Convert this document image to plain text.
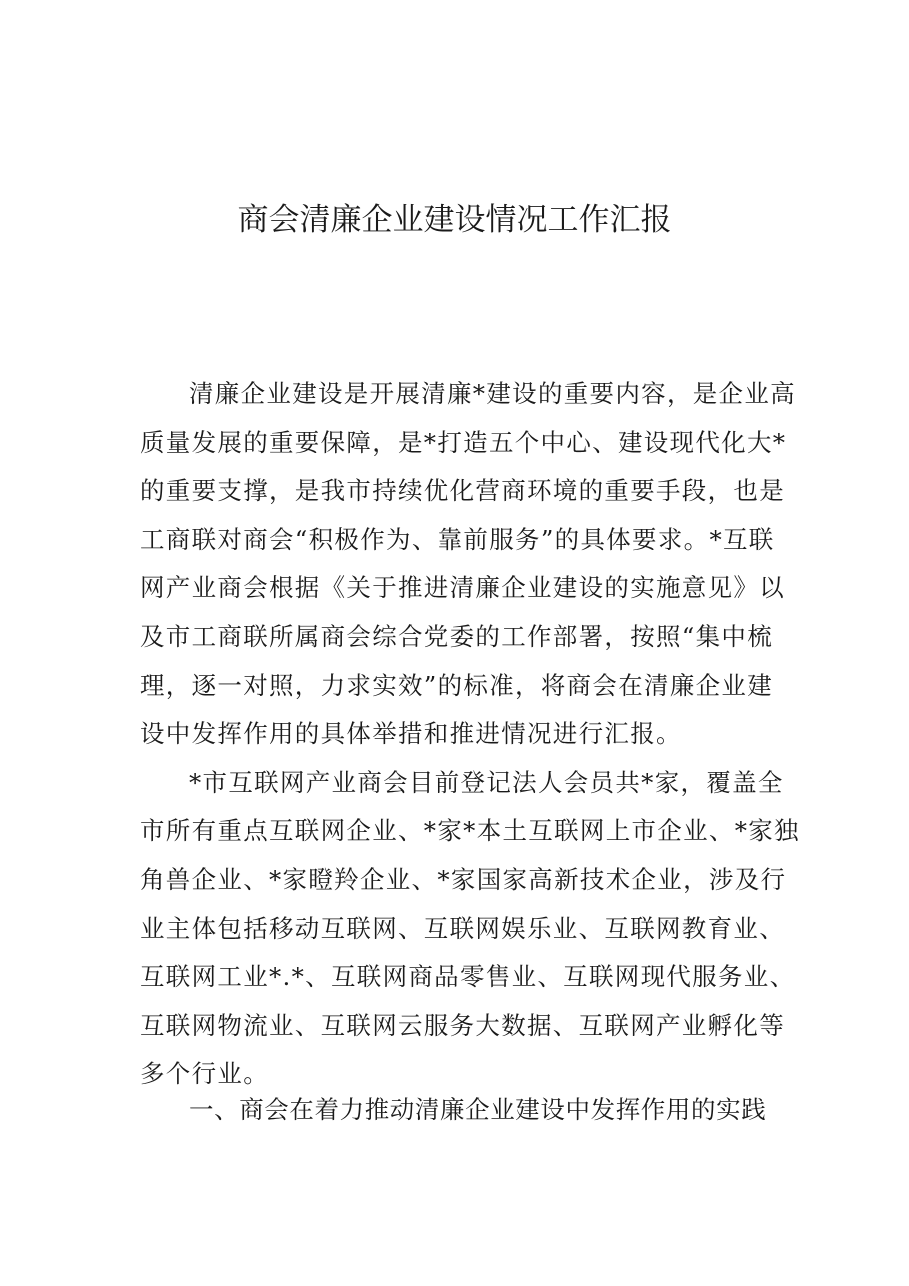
商会清廉企业建设情况工作汇报
清廉企业建设是开展清廉*建设的重要内容，是企业高
质量发展的重要保障，是*打造五个中心、建设现代化大*
的重要支撑，是我市持续优化营商环境的重要手段，也是
工商联对商会“积极作为、靠前服务”的具体要求。*互联
网产业商会根据《关于推进清廉企业建设的实施意见》以
及市工商联所属商会综合党委的工作部署，按照“集中梳
理，逐一对照，力求实效”的标准，将商会在清廉企业建
设中发挥作用的具体举措和推进情况进行汇报。
*市互联网产业商会目前登记法人会员共*家，覆盖全
市所有重点互联网企业、*家*本土互联网上市企业、*家独
角兽企业、*家瞪羚企业、*家国家高新技术企业，涉及行
业主体包括移动互联网、互联网娱乐业、互联网教育业、
互联网工业*.*、互联网商品零售业、互联网现代服务业、
互联网物流业、互联网云服务大数据、互联网产业孵化等
多个行业。
一、商会在着力推动清廉企业建设中发挥作用的实践
